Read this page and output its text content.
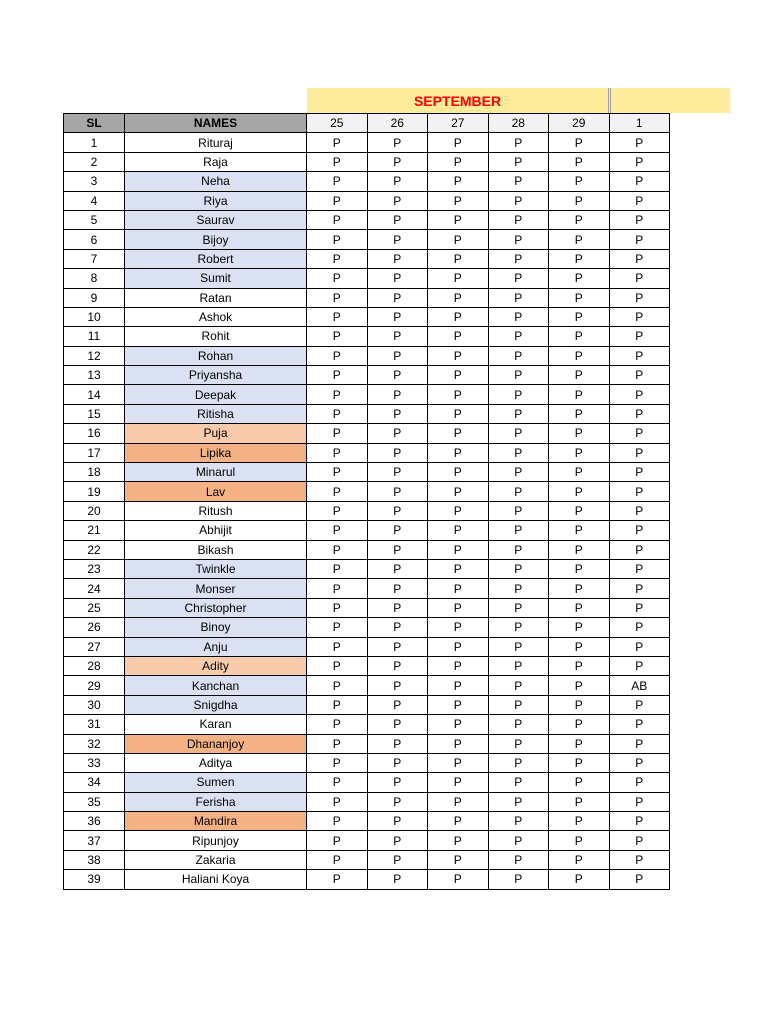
SEPTEMBER
SL	NAMES	25	26	27	28	29	1
1	Rituraj	P	P	P	P	P	P
2	Raja	P	P	P	P	P	P
3	Neha	P	P	P	P	P	P
4	Riya	P	P	P	P	P	P
5	Saurav	P	P	P	P	P	P
6	Bijoy	P	P	P	P	P	P
7	Robert	P	P	P	P	P	P
8	Sumit	P	P	P	P	P	P
9	Ratan	P	P	P	P	P	P
10	Ashok	P	P	P	P	P	P
11	Rohit	P	P	P	P	P	P
12	Rohan	P	P	P	P	P	P
13	Priyansha	P	P	P	P	P	P
14	Deepak	P	P	P	P	P	P
15	Ritisha	P	P	P	P	P	P
16	Puja	P	P	P	P	P	P
17	Lipika	P	P	P	P	P	P
18	Minarul	P	P	P	P	P	P
19	Lav	P	P	P	P	P	P
20	Ritush	P	P	P	P	P	P
21	Abhijit	P	P	P	P	P	P
22	Bikash	P	P	P	P	P	P
23	Twinkle	P	P	P	P	P	P
24	Monser	P	P	P	P	P	P
25	Christopher	P	P	P	P	P	P
26	Binoy	P	P	P	P	P	P
27	Anju	P	P	P	P	P	P
28	Adity	P	P	P	P	P	P
29	Kanchan	P	P	P	P	P	AB
30	Snigdha	P	P	P	P	P	P
31	Karan	P	P	P	P	P	P
32	Dhananjoy	P	P	P	P	P	P
33	Aditya	P	P	P	P	P	P
34	Sumen	P	P	P	P	P	P
35	Ferisha	P	P	P	P	P	P
36	Mandira	P	P	P	P	P	P
37	Ripunjoy	P	P	P	P	P	P
38	Zakaria	P	P	P	P	P	P
39	Haliani Koya	P	P	P	P	P	P
